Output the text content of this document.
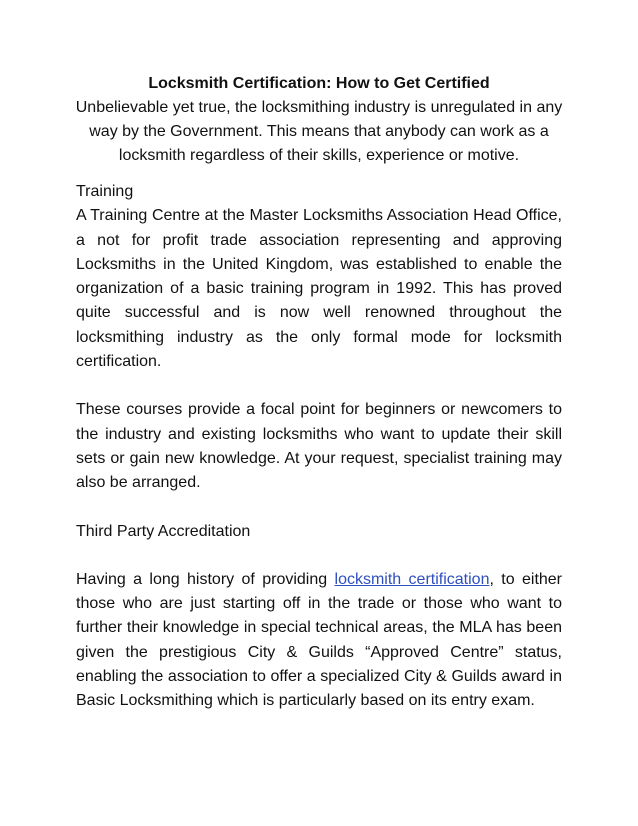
Locksmith Certification: How to Get Certified

Unbelievable yet true, the locksmithing industry is unregulated in any way by the Government. This means that anybody can work as a locksmith regardless of their skills, experience or motive.

Training

A Training Centre at the Master Locksmiths Association Head Office, a not for profit trade association representing and approving Locksmiths in the United Kingdom, was established to enable the organization of a basic training program in 1992. This has proved quite successful and is now well renowned throughout the locksmithing industry as the only formal mode for locksmith certification.

These courses provide a focal point for beginners or newcomers to the industry and existing locksmiths who want to update their skill sets or gain new knowledge. At your request, specialist training may also be arranged.

Third Party Accreditation

Having a long history of providing locksmith certification, to either those who are just starting off in the trade or those who want to further their knowledge in special technical areas, the MLA has been given the prestigious City & Guilds “Approved Centre” status, enabling the association to offer a specialized City & Guilds award in Basic Locksmithing which is particularly based on its entry exam.
